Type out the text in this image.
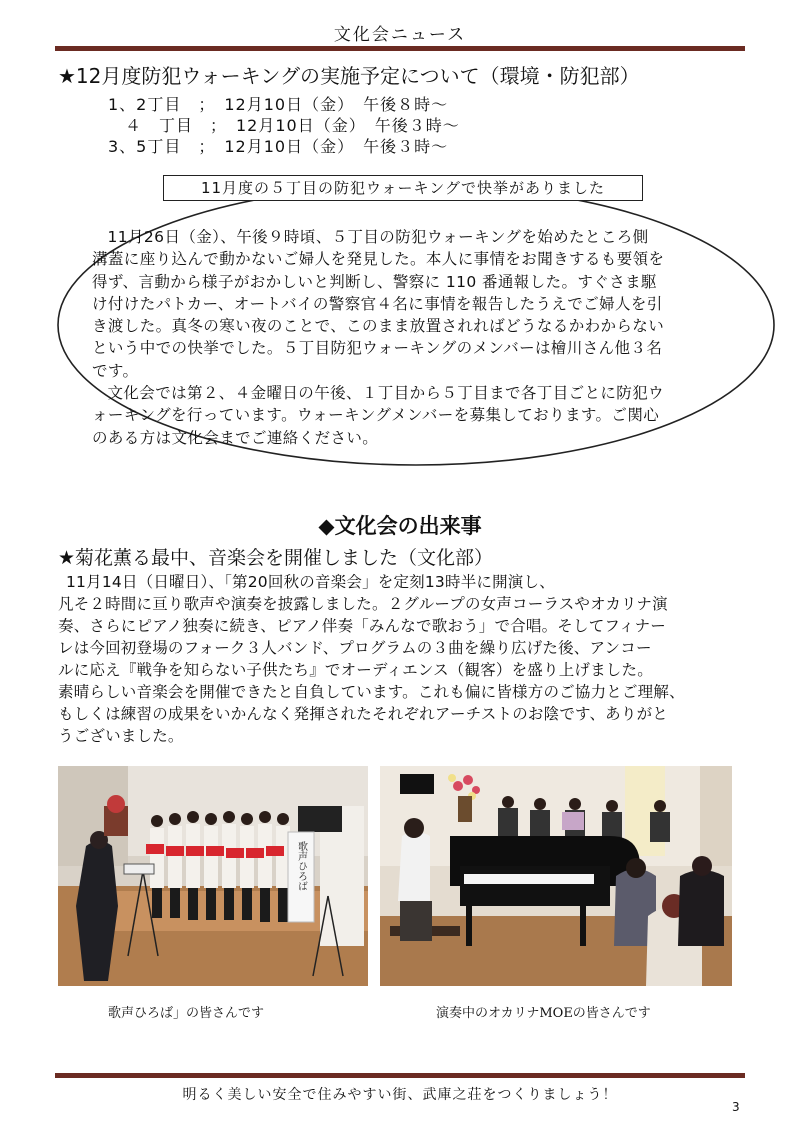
文化会ニュース
★12月度防犯ウォーキングの実施予定について（環境・防犯部）
1、2丁目　；　12月10日（金）　午後８時～
　４　丁目　；　12月10日（金）　午後３時～
3、5丁目　；　12月10日（金）　午後３時～
11月度の５丁目の防犯ウォーキングで快挙がありました
11月26日（金）、午後９時頃、５丁目の防犯ウォーキングを始めたところ側
溝蓋に座り込んで動かないご婦人を発見した。本人に事情をお聞きするも要領を
得ず、言動から様子がおかしいと判断し、警察に 110 番通報した。すぐさま駆
け付けたパトカー、オートバイの警察官４名に事情を報告したうえでご婦人を引
き渡した。真冬の寒い夜のことで、このまま放置されればどうなるかわからない
という中での快挙でした。５丁目防犯ウォーキングのメンバーは檜川さん他３名
です。
文化会では第２、４金曜日の午後、１丁目から５丁目まで各丁目ごとに防犯ウ
ォーキングを行っています。ウォーキングメンバーを募集しております。ご関心
のある方は文化会までご連絡ください。
◆文化会の出来事
★菊花薫る最中、音楽会を開催しました（文化部）
11月14日（日曜日）、「第20回秋の音楽会」を定刻13時半に開演し、
凡そ２時間に亘り歌声や演奏を披露しました。２グループの女声コーラスやオカリナ演
奏、さらにピアノ独奏に続き、ピアノ伴奏「みんなで歌おう」で合唱。そしてフィナー
レは今回初登場のフォーク３人バンド、プログラムの３曲を繰り広げた後、アンコー
ルに応え『戦争を知らない子供たち』でオーディエンス（観客）を盛り上げました。
素晴らしい音楽会を開催できたと自負しています。これも偏に皆様方のご協力とご理解、
もしくは練習の成果をいかんなく発揮されたそれぞれアーチストのお陰です、ありがと
うございました。
歌声ひろば
歌声ひろば」の皆さんです	演奏中のオカリナMOEの皆さんです
明るく美しい安全で住みやすい街、武庫之荘をつくりましょう！
3
